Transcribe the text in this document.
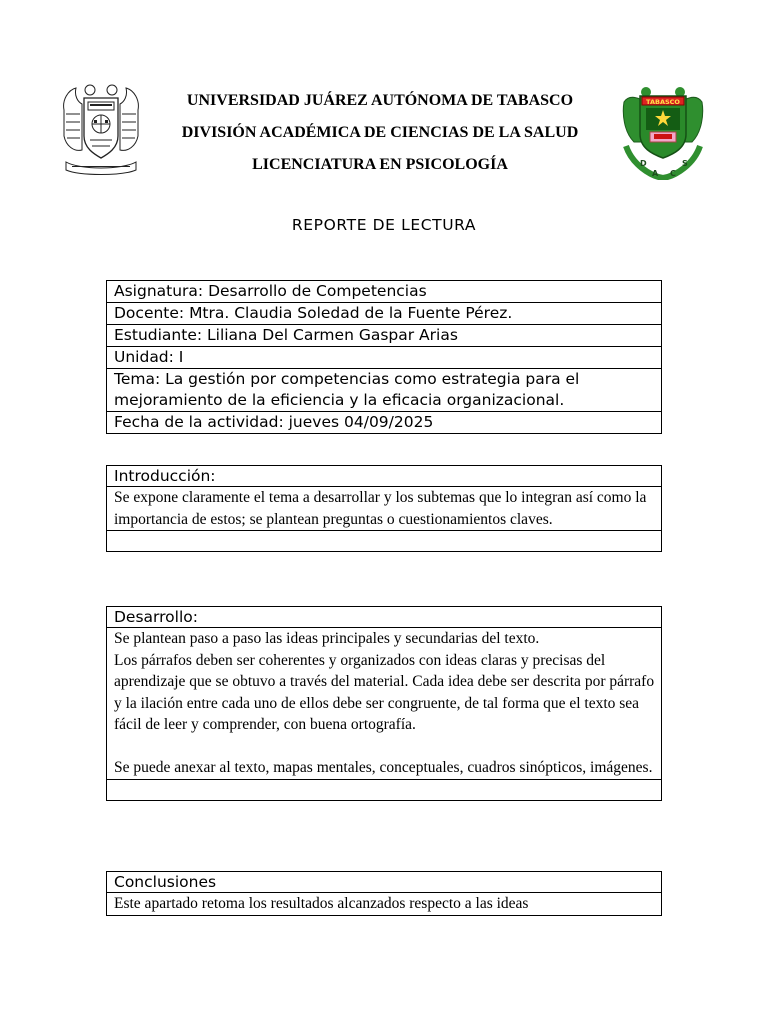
TABASCO
D
A C
S
UNIVERSIDAD JUÁREZ AUTÓNOMA DE TABASCO
DIVISIÓN ACADÉMICA DE CIENCIAS DE LA SALUD
LICENCIATURA EN PSICOLOGÍA
REPORTE DE LECTURA
Asignatura: Desarrollo de Competencias
Docente: Mtra. Claudia Soledad de la Fuente Pérez.
Estudiante: Liliana Del Carmen Gaspar Arias
Unidad: I
Tema: La gestión por competencias como estrategia para el mejoramiento de la eficiencia y la eficacia organizacional.
Fecha de la actividad: jueves 04/09/2025
Introducción:
Se expone claramente el tema a desarrollar y los subtemas que lo integran así como la importancia de estos; se plantean preguntas o cuestionamientos claves.

Desarrollo:

Se plantean paso a paso las ideas principales y secundarias del texto.
Los párrafos deben ser coherentes y organizados con ideas claras y precisas del aprendizaje que se obtuvo a través del material. Cada idea debe ser descrita por párrafo y la ilación entre cada uno de ellos debe ser congruente, de tal forma que el texto sea fácil de leer y comprender, con buena ortografía.
Se puede anexar al texto, mapas mentales, conceptuales, cuadros sinópticos, imágenes.

Conclusiones
Este apartado retoma los resultados alcanzados respecto a las ideas
